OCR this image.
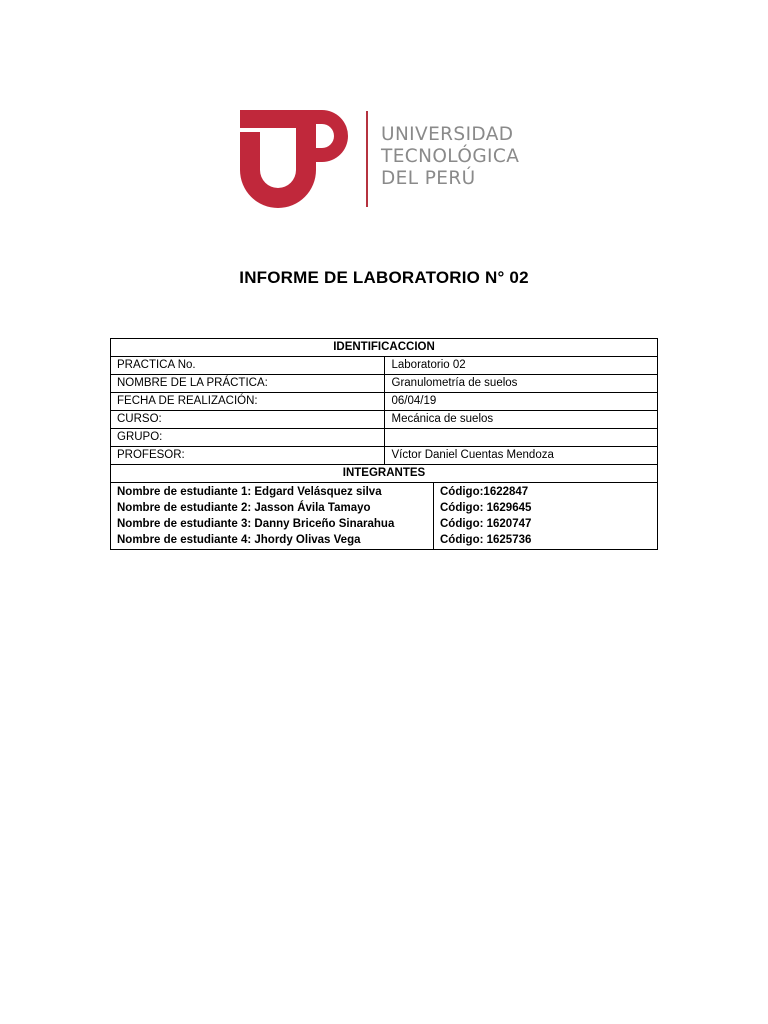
UNIVERSIDAD
TECNOLÓGICA
DEL PERÚ
INFORME DE LABORATORIO N° 02
IDENTIFICACCION
PRACTICA No.	Laboratorio 02
NOMBRE DE LA PRÁCTICA:	Granulometría de suelos
FECHA DE REALIZACIÓN:	06/04/19
CURSO:	Mecánica de suelos
GRUPO:	
PROFESOR:	Víctor Daniel Cuentas Mendoza
INTEGRANTES

Nombre de estudiante 1: Edgard Velásquez silva	Código:1622847
Nombre de estudiante 2: Jasson Ávila Tamayo	Código: 1629645
Nombre de estudiante 3: Danny Briceño Sinarahua	Código: 1620747
Nombre de estudiante 4: Jhordy Olivas Vega	Código: 1625736
